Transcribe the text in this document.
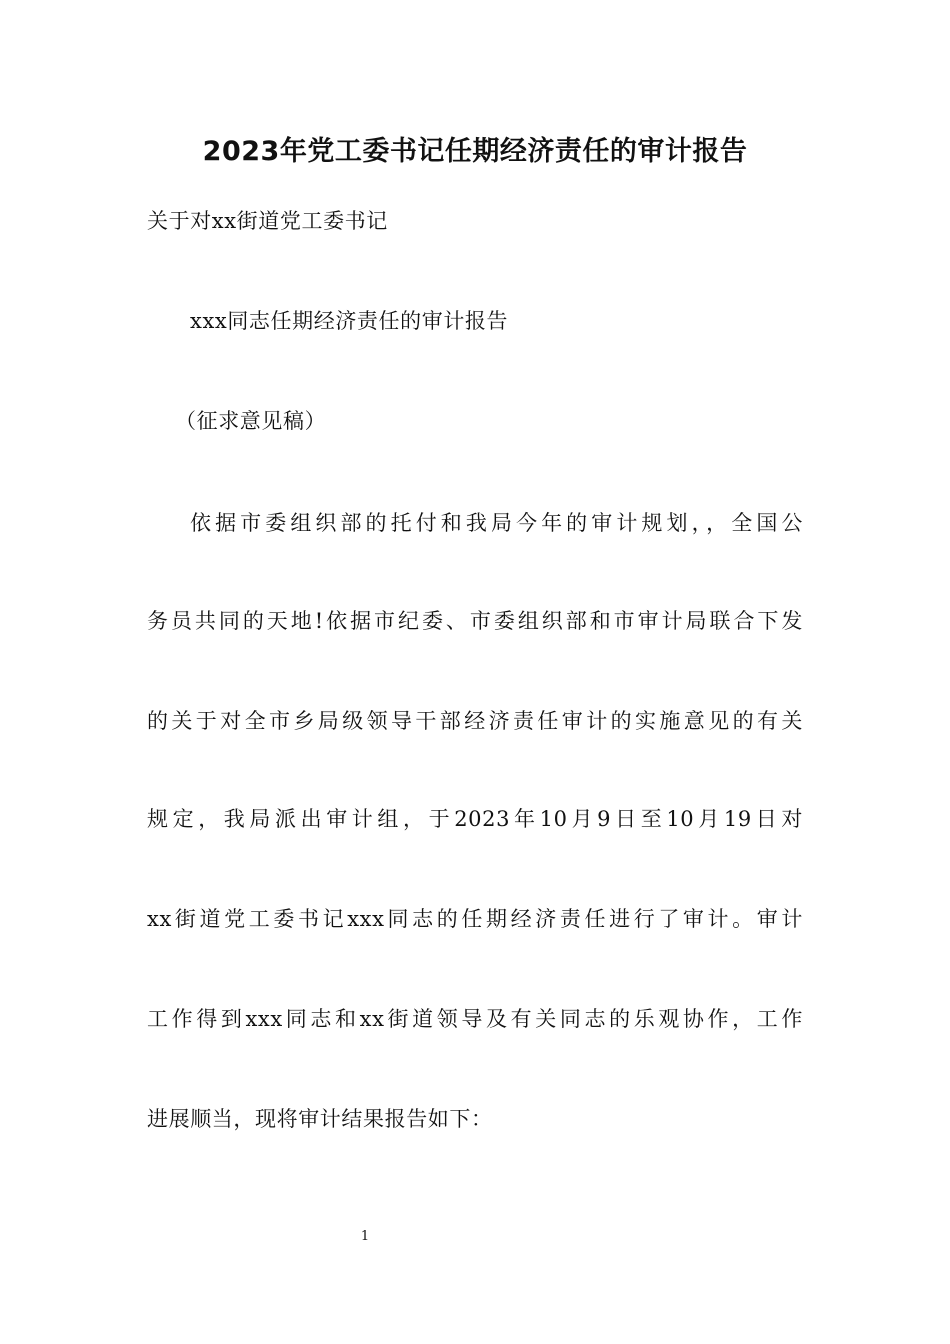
2023年党工委书记任期经济责任的审计报告
关于对xx街道党工委书记
xxx同志任期经济责任的审计报告
（征求意见稿）
依据市委组织部的托付和我局今年的审计规划，，全国公
务员共同的天地!依据市纪委、市委组织部和市审计局联合下发
的关于对全市乡局级领导干部经济责任审计的实施意见的有关
规定，我局派出审计组，于2023年10月9日至10月19日对
xx街道党工委书记xxx同志的任期经济责任进行了审计。审计
工作得到xxx同志和xx街道领导及有关同志的乐观协作，工作
进展顺当，现将审计结果报告如下：
1
